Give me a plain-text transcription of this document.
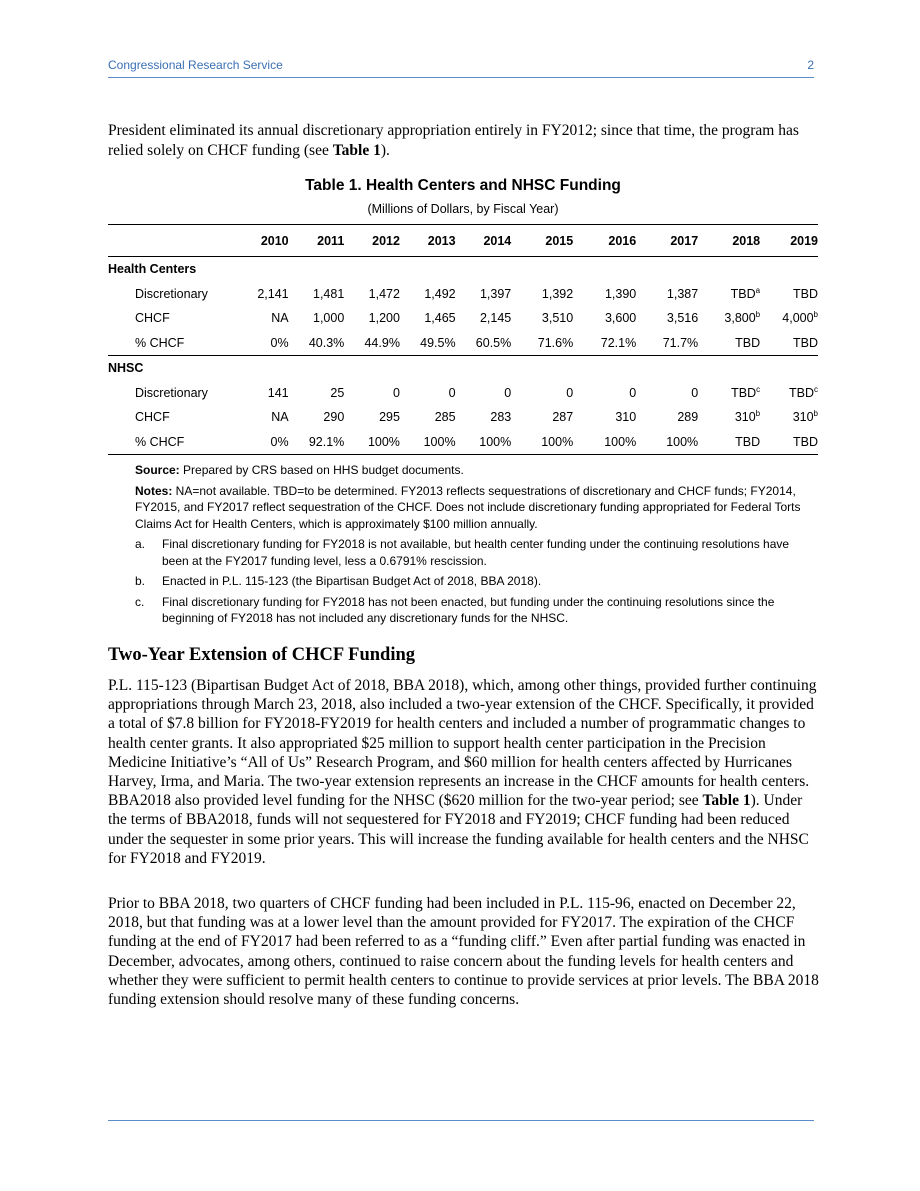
Congressional Research Service	2

President eliminated its annual discretionary appropriation entirely in FY2012; since that time, the program has relied solely on CHCF funding (see Table 1).

Table 1. Health Centers and NHSC Funding
(Millions of Dollars, by Fiscal Year)
	2010	2011	2012	2013	2014	2015	2016	2017	2018	2019
Health Centers										
Discretionary	2,141	1,481	1,472	1,492	1,397	1,392	1,390	1,387	TBD$^a$	TBD
CHCF	NA	1,000	1,200	1,465	2,145	3,510	3,600	3,516	3,800$^b$	4,000$^b$
% CHCF	0%	40.3%	44.9%	49.5%	60.5%	71.6%	72.1%	71.7%	TBD	TBD
NHSC										
Discretionary	141	25	0	0	0	0	0	0	TBD$^c$	TBD$^c$
CHCF	NA	290	295	285	283	287	310	289	310$^b$	310$^b$
% CHCF	0%	92.1%	100%	100%	100%	100%	100%	100%	TBD	TBD

Source: Prepared by CRS based on HHS budget documents.

Notes: NA=not available. TBD=to be determined. FY2013 reflects sequestrations of discretionary and CHCF funds; FY2014, FY2015, and FY2017 reflect sequestration of the CHCF. Does not include discretionary funding appropriated for Federal Torts Claims Act for Health Centers, which is approximately $100 million annually.

a. Final discretionary funding for FY2018 is not available, but health center funding under the continuing resolutions have been at the FY2017 funding level, less a 0.6791% rescission.
b. Enacted in P.L. 115-123 (the Bipartisan Budget Act of 2018, BBA 2018).
c. Final discretionary funding for FY2018 has not been enacted, but funding under the continuing resolutions since the beginning of FY2018 has not included any discretionary funds for the NHSC.
Two-Year Extension of CHCF Funding

P.L. 115-123 (Bipartisan Budget Act of 2018, BBA 2018), which, among other things, provided further continuing appropriations through March 23, 2018, also included a two-year extension of the CHCF. Specifically, it provided a total of $7.8 billion for FY2018-FY2019 for health centers and included a number of programmatic changes to health center grants. It also appropriated $25 million to support health center participation in the Precision Medicine Initiative’s “All of Us” Research Program, and $60 million for health centers affected by Hurricanes Harvey, Irma, and Maria. The two-year extension represents an increase in the CHCF amounts for health centers. BBA2018 also provided level funding for the NHSC ($620 million for the two-year period; see Table 1). Under the terms of BBA2018, funds will not sequestered for FY2018 and FY2019; CHCF funding had been reduced under the sequester in some prior years. This will increase the funding available for health centers and the NHSC for FY2018 and FY2019.

Prior to BBA 2018, two quarters of CHCF funding had been included in P.L. 115-96, enacted on December 22, 2018, but that funding was at a lower level than the amount provided for FY2017. The expiration of the CHCF funding at the end of FY2017 had been referred to as a “funding cliff.” Even after partial funding was enacted in December, advocates, among others, continued to raise concern about the funding levels for health centers and whether they were sufficient to permit health centers to continue to provide services at prior levels. The BBA 2018 funding extension should resolve many of these funding concerns.
